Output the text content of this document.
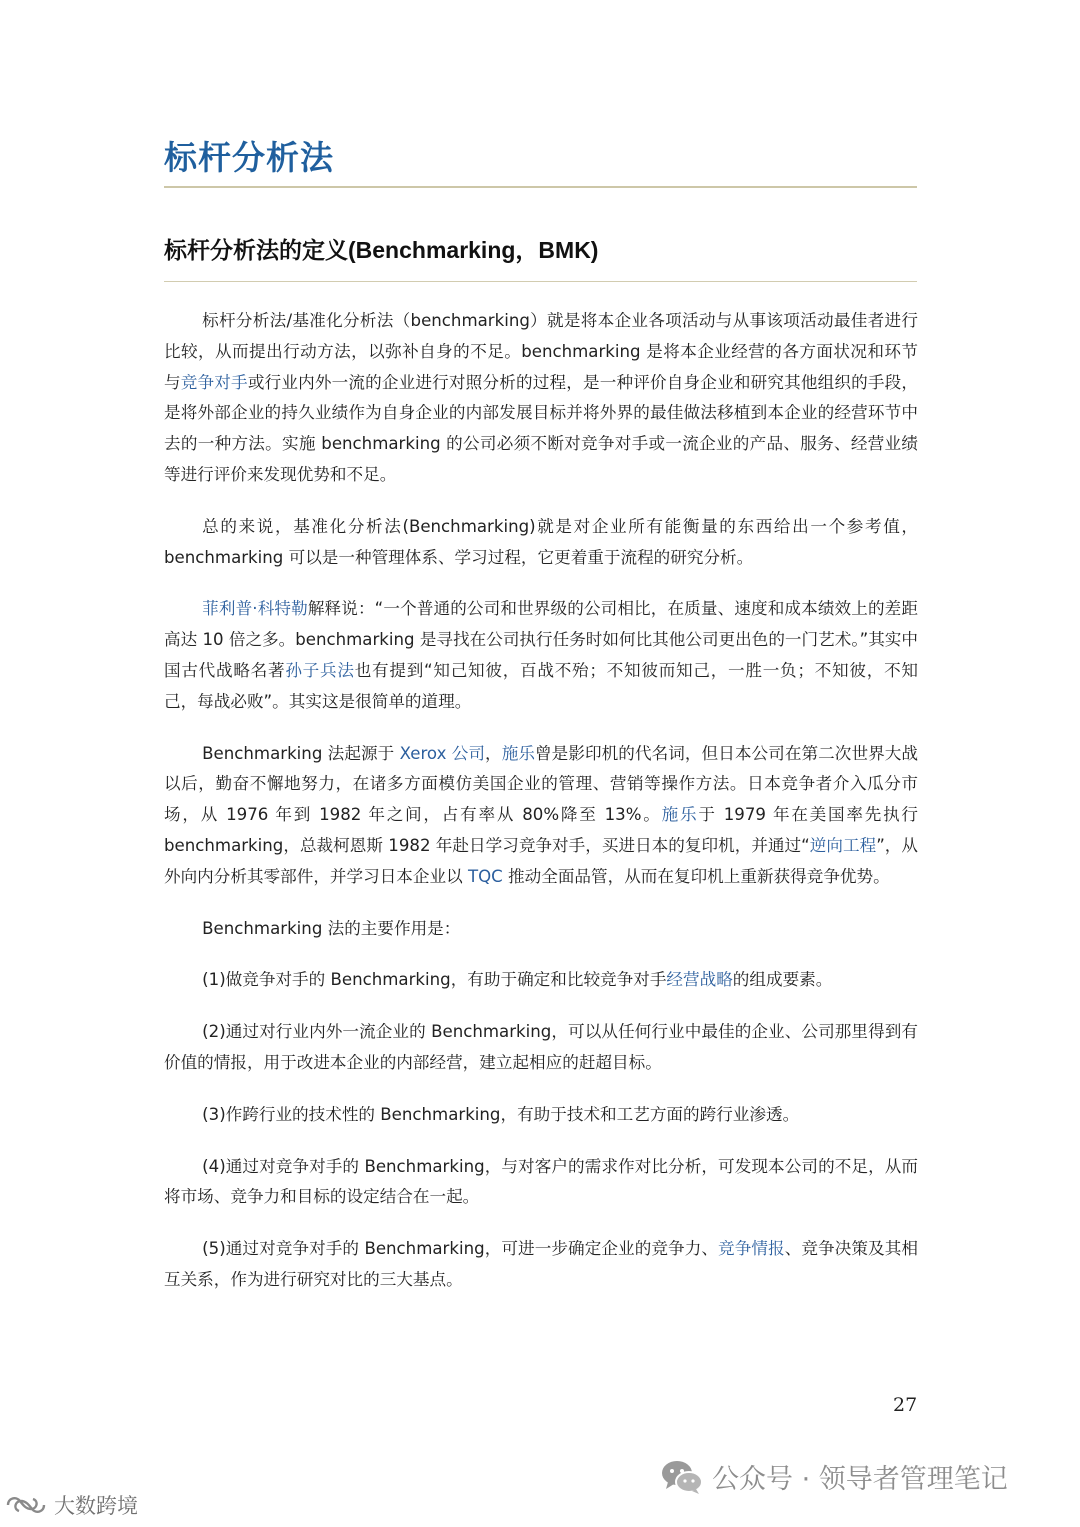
标杆分析法
标杆分析法的定义(Benchmarking，BMK)

标杆分析法/基准化分析法（benchmarking）就是将本企业各项活动与从事该项活动最佳者进行比较，从而提出行动方法，以弥补自身的不足。benchmarking 是将本企业经营的各方面状况和环节与竞争对手或行业内外一流的企业进行对照分析的过程，是一种评价自身企业和研究其他组织的手段，是将外部企业的持久业绩作为自身企业的内部发展目标并将外界的最佳做法移植到本企业的经营环节中去的一种方法。实施 benchmarking 的公司必须不断对竞争对手或一流企业的产品、服务、经营业绩等进行评价来发现优势和不足。

总的来说，基准化分析法(Benchmarking)就是对企业所有能衡量的东西给出一个参考值，benchmarking 可以是一种管理体系、学习过程，它更着重于流程的研究分析。

菲利普·科特勒解释说：“一个普通的公司和世界级的公司相比，在质量、速度和成本绩效上的差距高达 10 倍之多。benchmarking 是寻找在公司执行任务时如何比其他公司更出色的一门艺术。”其实中国古代战略名著孙子兵法也有提到“知己知彼，百战不殆；不知彼而知己，一胜一负；不知彼，不知己，每战必败”。其实这是很简单的道理。

Benchmarking 法起源于 Xerox 公司，施乐曾是影印机的代名词，但日本公司在第二次世界大战以后，勤奋不懈地努力，在诸多方面模仿美国企业的管理、营销等操作方法。日本竞争者介入瓜分市场，从 1976 年到 1982 年之间，占有率从 80%降至 13%。施乐于 1979 年在美国率先执行 benchmarking，总裁柯恩斯 1982 年赴日学习竞争对手，买进日本的复印机，并通过“逆向工程”，从外向内分析其零部件，并学习日本企业以 TQC 推动全面品管，从而在复印机上重新获得竞争优势。

Benchmarking 法的主要作用是：

(1)做竞争对手的 Benchmarking，有助于确定和比较竞争对手经营战略的组成要素。

(2)通过对行业内外一流企业的 Benchmarking，可以从任何行业中最佳的企业、公司那里得到有价值的情报，用于改进本企业的内部经营，建立起相应的赶超目标。

(3)作跨行业的技术性的 Benchmarking，有助于技术和工艺方面的跨行业渗透。

(4)通过对竞争对手的 Benchmarking，与对客户的需求作对比分析，可发现本公司的不足，从而将市场、竞争力和目标的设定结合在一起。

(5)通过对竞争对手的 Benchmarking，可进一步确定企业的竞争力、竞争情报、竞争决策及其相互关系，作为进行研究对比的三大基点。

27
公众号 · 领导者管理笔记
大数跨境
